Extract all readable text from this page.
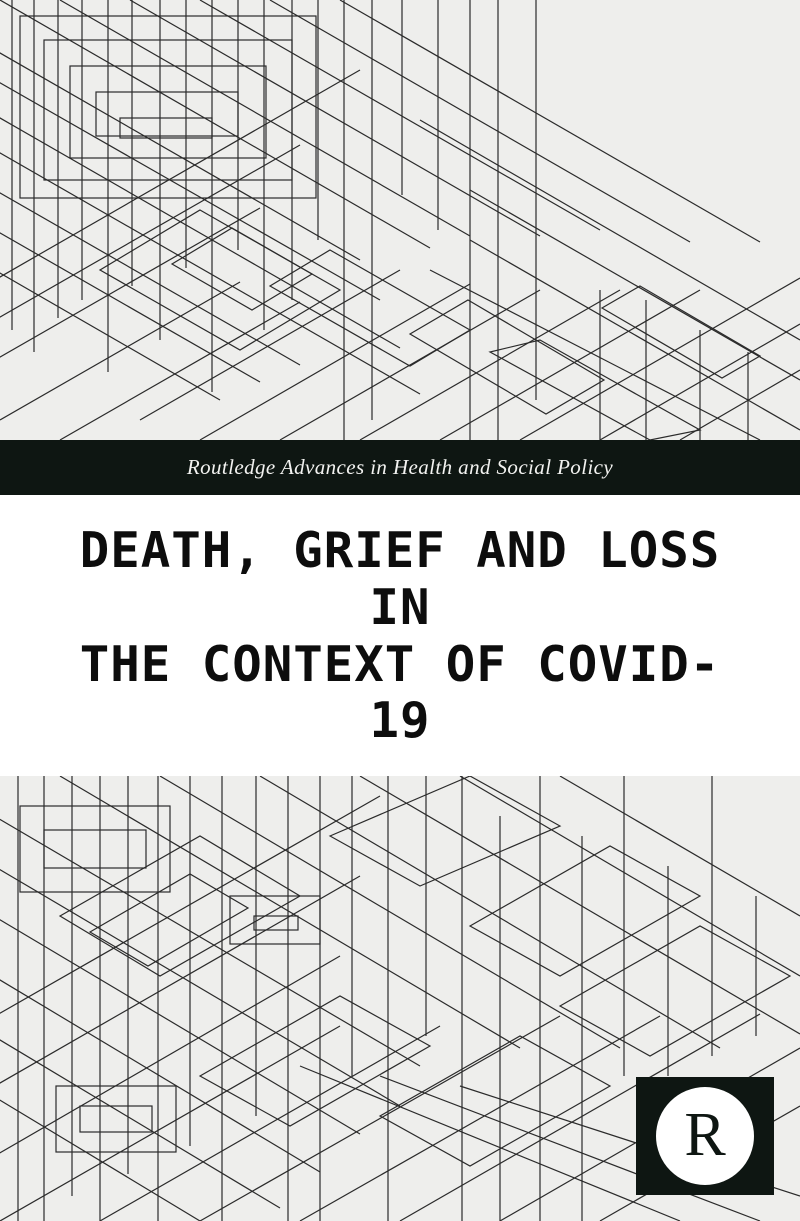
Routledge Advances in Health and Social Policy
DEATH, GRIEF AND LOSS IN
THE CONTEXT OF COVID-19
R
Routledge
